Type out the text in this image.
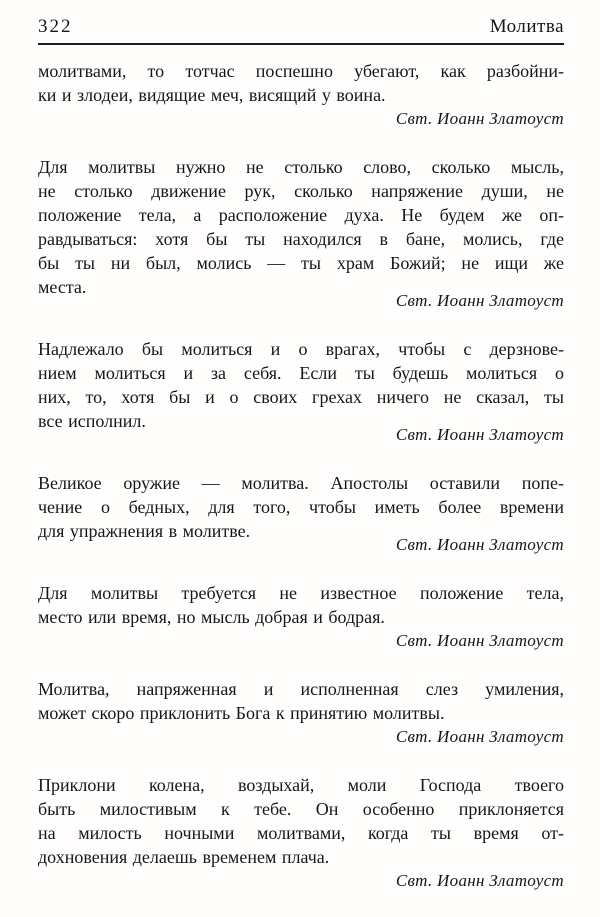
322	Молитва
молитвами, то тотчас поспешно убегают, как разбойни-
ки и злодеи, видящие меч, висящий у воина.
Свт. Иоанн Златоуст
Для молитвы нужно не столько слово, сколько мысль,
не столько движение рук, сколько напряжение души, не
положение тела, а расположение духа. Не будем же оп-
равдываться: хотя бы ты находился в бане, молись, где
бы ты ни был, молись — ты храм Божий; не ищи же
места.
Свт. Иоанн Златоуст
Надлежало бы молиться и о врагах, чтобы с дерзнове-
нием молиться и за себя. Если ты будешь молиться о
них, то, хотя бы и о своих грехах ничего не сказал, ты
все исполнил.
Свт. Иоанн Златоуст
Великое оружие — молитва. Апостолы оставили попе-
чение о бедных, для того, чтобы иметь более времени
для упражнения в молитве.
Свт. Иоанн Златоуст
Для молитвы требуется не известное положение тела,
место или время, но мысль добрая и бодрая.
Свт. Иоанн Златоуст
Молитва, напряженная и исполненная слез умиления,
может скоро приклонить Бога к принятию молитвы.
Свт. Иоанн Златоуст
Приклони колена, воздыхай, моли Господа твоего
быть милостивым к тебе. Он особенно приклоняется
на милость ночными молитвами, когда ты время от-
дохновения делаешь временем плача.
Свт. Иоанн Златоуст
